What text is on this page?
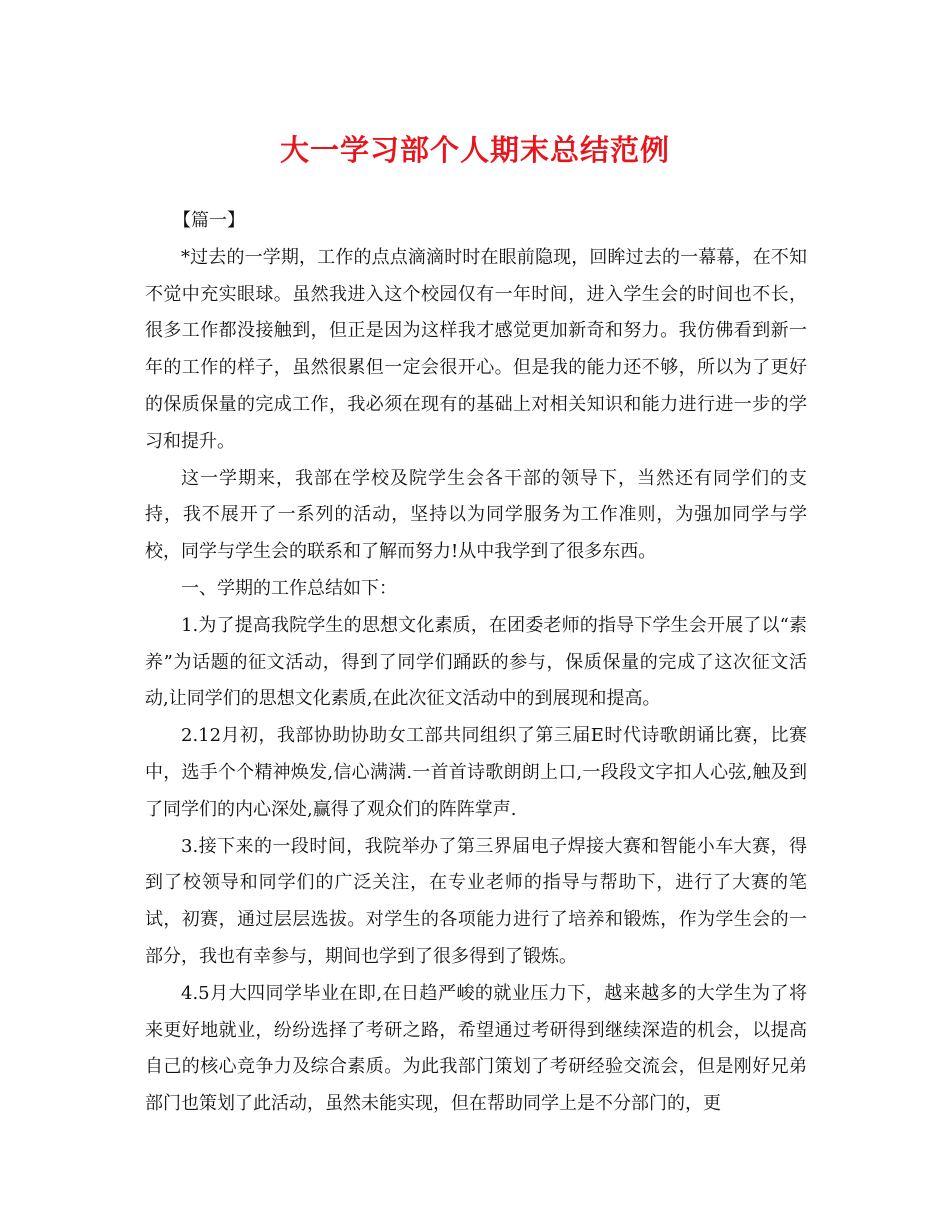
大一学习部个人期末总结范例

【篇一】

*过去的一学期，工作的点点滴滴时时在眼前隐现，回眸过去的一幕幕，在不知不觉中充实眼球。虽然我进入这个校园仅有一年时间，进入学生会的时间也不长，很多工作都没接触到，但正是因为这样我才感觉更加新奇和努力。我仿佛看到新一年的工作的样子，虽然很累但一定会很开心。但是我的能力还不够，所以为了更好的保质保量的完成工作，我必须在现有的基础上对相关知识和能力进行进一步的学习和提升。

这一学期来，我部在学校及院学生会各干部的领导下，当然还有同学们的支持，我不展开了一系列的活动，坚持以为同学服务为工作准则，为强加同学与学校，同学与学生会的联系和了解而努力!从中我学到了很多东西。

一、学期的工作总结如下：

1.为了提高我院学生的思想文化素质，在团委老师的指导下学生会开展了以“素养”为话题的征文活动，得到了同学们踊跃的参与，保质保量的完成了这次征文活动,让同学们的思想文化素质,在此次征文活动中的到展现和提高。

2.12月初，我部协助协助女工部共同组织了第三届E时代诗歌朗诵比赛，比赛中，选手个个精神焕发,信心满满.一首首诗歌朗朗上口,一段段文字扣人心弦,触及到了同学们的内心深处,赢得了观众们的阵阵掌声.

3.接下来的一段时间，我院举办了第三界届电子焊接大赛和智能小车大赛，得到了校领导和同学们的广泛关注，在专业老师的指导与帮助下，进行了大赛的笔试，初赛，通过层层选拔。对学生的各项能力进行了培养和锻炼，作为学生会的一部分，我也有幸参与，期间也学到了很多得到了锻炼。

4.5月大四同学毕业在即,在日趋严峻的就业压力下，越来越多的大学生为了将来更好地就业，纷纷选择了考研之路，希望通过考研得到继续深造的机会，以提高自己的核心竞争力及综合素质。为此我部门策划了考研经验交流会，但是刚好兄弟部门也策划了此活动，虽然未能实现，但在帮助同学上是不分部门的，更
